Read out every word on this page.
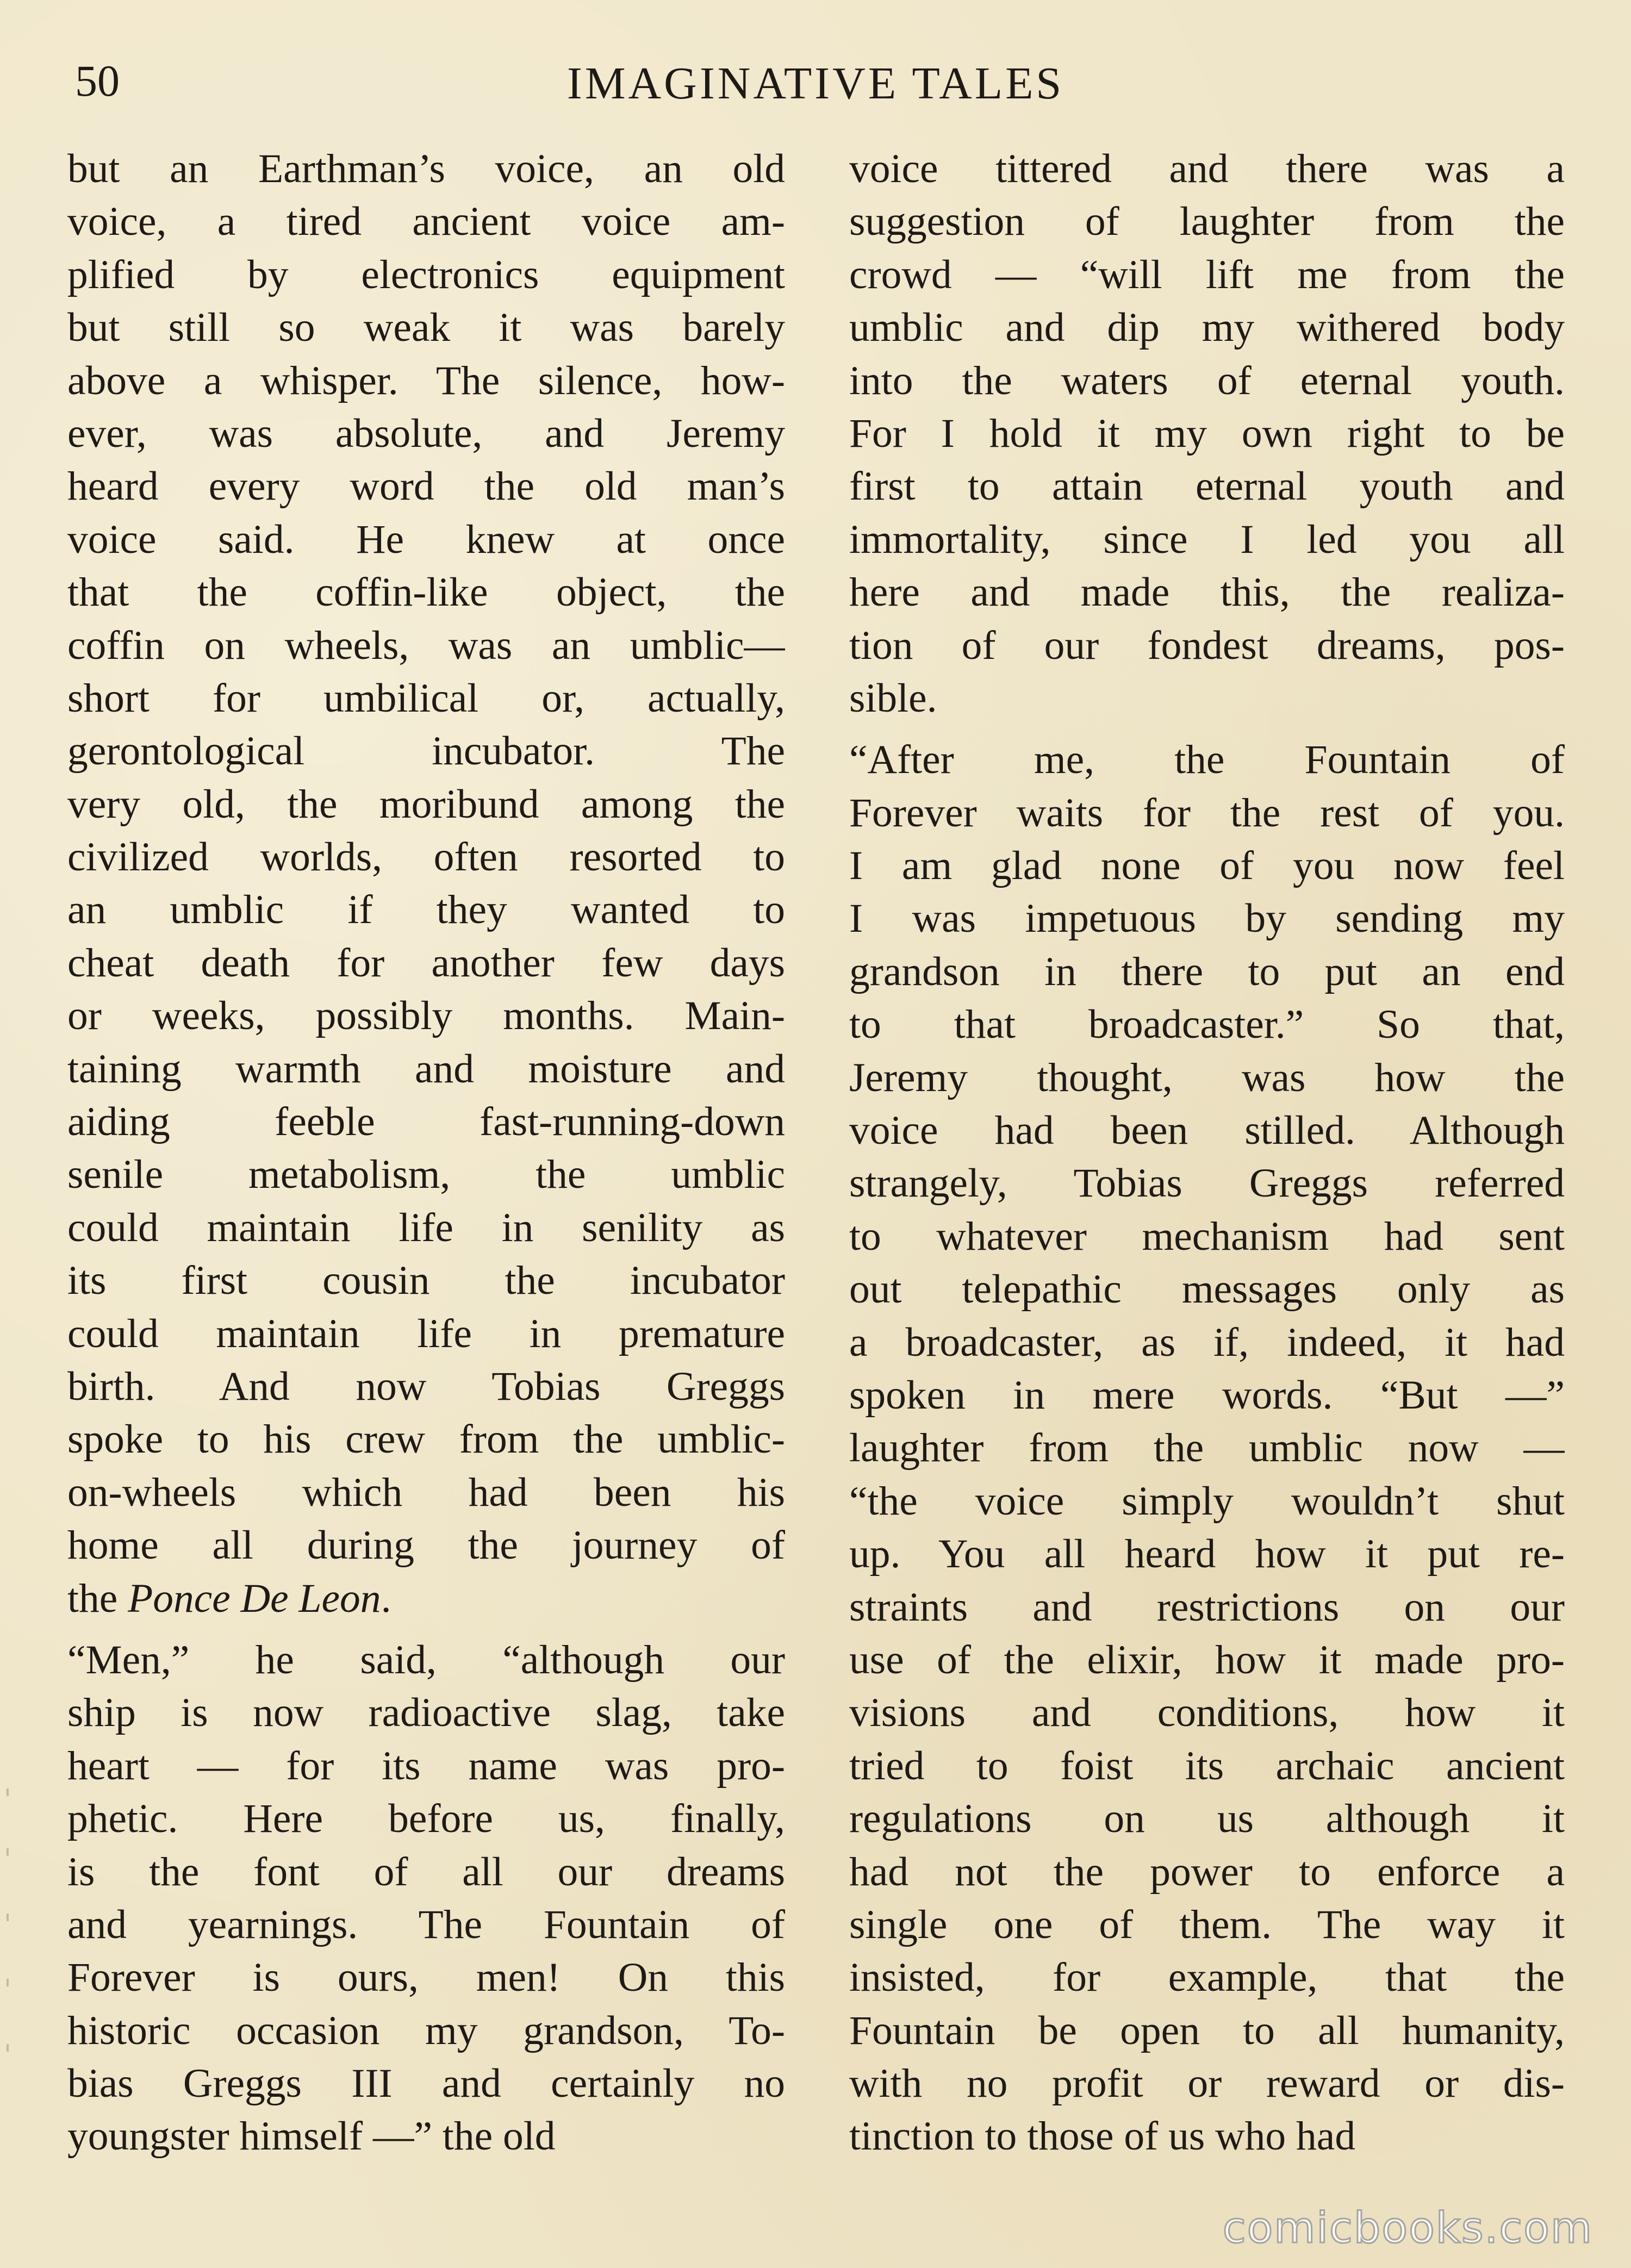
50	IMAGINATIVE TALES
but an Earthman’s voice, an old
voice, a tired ancient voice am-
plified by electronics equipment
but still so weak it was barely
above a whisper. The silence, how-
ever, was absolute, and Jeremy
heard every word the old man’s
voice said. He knew at once
that the coffin-like object, the
coffin on wheels, was an umblic—
short for umbilical or, actually,
gerontological incubator. The
very old, the moribund among the
civilized worlds, often resorted to
an umblic if they wanted to
cheat death for another few days
or weeks, possibly months. Main-
taining warmth and moisture and
aiding feeble fast-running-down
senile metabolism, the umblic
could maintain life in senility as
its first cousin the incubator
could maintain life in premature
birth. And now Tobias Greggs
spoke to his crew from the umblic-
on-wheels which had been his
home all during the journey of
the Ponce De Leon.
“Men,” he said, “although our
ship is now radioactive slag, take
heart — for its name was pro-
phetic. Here before us, finally,
is the font of all our dreams
and yearnings. The Fountain of
Forever is ours, men! On this
historic occasion my grandson, To-
bias Greggs III and certainly no
youngster himself —” the old
voice tittered and there was a
suggestion of laughter from the
crowd — “will lift me from the
umblic and dip my withered body
into the waters of eternal youth.
For I hold it my own right to be
first to attain eternal youth and
immortality, since I led you all
here and made this, the realiza-
tion of our fondest dreams, pos-
sible.
“After me, the Fountain of
Forever waits for the rest of you.
I am glad none of you now feel
I was impetuous by sending my
grandson in there to put an end
to that broadcaster.” So that,
Jeremy thought, was how the
voice had been stilled. Although
strangely, Tobias Greggs referred
to whatever mechanism had sent
out telepathic messages only as
a broadcaster, as if, indeed, it had
spoken in mere words. “But —”
laughter from the umblic now —
“the voice simply wouldn’t shut
up. You all heard how it put re-
straints and restrictions on our
use of the elixir, how it made pro-
visions and conditions, how it
tried to foist its archaic ancient
regulations on us although it
had not the power to enforce a
single one of them. The way it
insisted, for example, that the
Fountain be open to all humanity,
with no profit or reward or dis-
tinction to those of us who had
comicbooks.com
